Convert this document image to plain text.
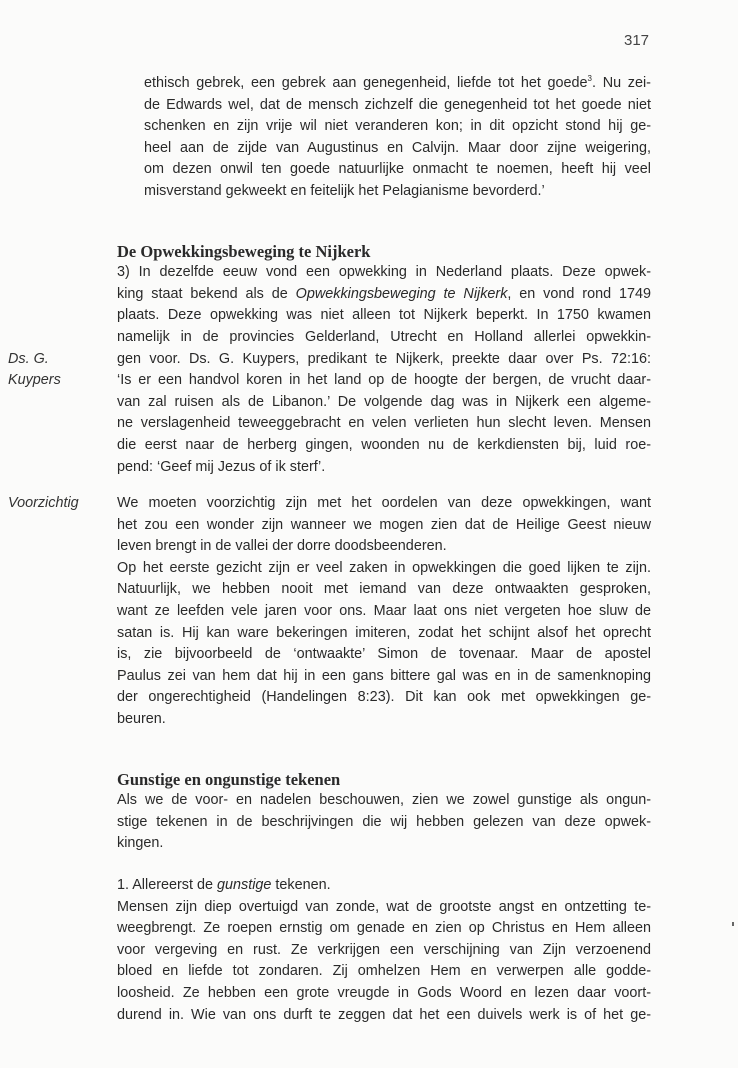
317
ethisch gebrek, een gebrek aan genegenheid, liefde tot het goede$^3$. Nu zei-
de Edwards wel, dat de mensch zichzelf die genegenheid tot het goede niet
schenken en zijn vrije wil niet veranderen kon; in dit opzicht stond hij ge-
heel aan de zijde van Augustinus en Calvijn. Maar door zijne weigering,
om dezen onwil ten goede natuurlijke onmacht te noemen, heeft hij veel
misverstand gekweekt en feitelijk het Pelagianisme bevorderd.’
De Opwekkingsbeweging te Nijkerk
3) In dezelfde eeuw vond een opwekking in Nederland plaats. Deze opwek-
king staat bekend als de Opwekkingsbeweging te Nijkerk, en vond rond 1749
plaats. Deze opwekking was niet alleen tot Nijkerk beperkt. In 1750 kwamen
namelijk in de provincies Gelderland, Utrecht en Holland allerlei opwekkin-
gen voor. Ds. G. Kuypers, predikant te Nijkerk, preekte daar over Ps. 72:16:
‘Is er een handvol koren in het land op de hoogte der bergen, de vrucht daar-
van zal ruisen als de Libanon.’ De volgende dag was in Nijkerk een algeme-
ne verslagenheid teweeggebracht en velen verlieten hun slecht leven. Mensen
die eerst naar de herberg gingen, woonden nu de kerkdiensten bij, luid roe-
pend: ‘Geef mij Jezus of ik sterf’.
We moeten voorzichtig zijn met het oordelen van deze opwekkingen, want
het zou een wonder zijn wanneer we mogen zien dat de Heilige Geest nieuw
leven brengt in de vallei der dorre doodsbeenderen.
Op het eerste gezicht zijn er veel zaken in opwekkingen die goed lijken te zijn.
Natuurlijk, we hebben nooit met iemand van deze ontwaakten gesproken,
want ze leefden vele jaren voor ons. Maar laat ons niet vergeten hoe sluw de
satan is. Hij kan ware bekeringen imiteren, zodat het schijnt alsof het oprecht
is, zie bijvoorbeeld de ‘ontwaakte’ Simon de tovenaar. Maar de apostel
Paulus zei van hem dat hij in een gans bittere gal was en in de samenknoping
der ongerechtigheid (Handelingen 8:23). Dit kan ook met opwekkingen ge-
beuren.
Gunstige en ongunstige tekenen
Als we de voor- en nadelen beschouwen, zien we zowel gunstige als ongun-
stige tekenen in de beschrijvingen die wij hebben gelezen van deze opwek-
kingen.
1. Allereerst de gunstige tekenen.
Mensen zijn diep overtuigd van zonde, wat de grootste angst en ontzetting te-
weegbrengt. Ze roepen ernstig om genade en zien op Christus en Hem alleen
voor vergeving en rust. Ze verkrijgen een verschijning van Zijn verzoenend
bloed en liefde tot zondaren. Zij omhelzen Hem en verwerpen alle godde-
loosheid. Ze hebben een grote vreugde in Gods Woord en lezen daar voort-
durend in. Wie van ons durft te zeggen dat het een duivels werk is of het ge-
Ds. G.
Kuypers
Voorzichtig
